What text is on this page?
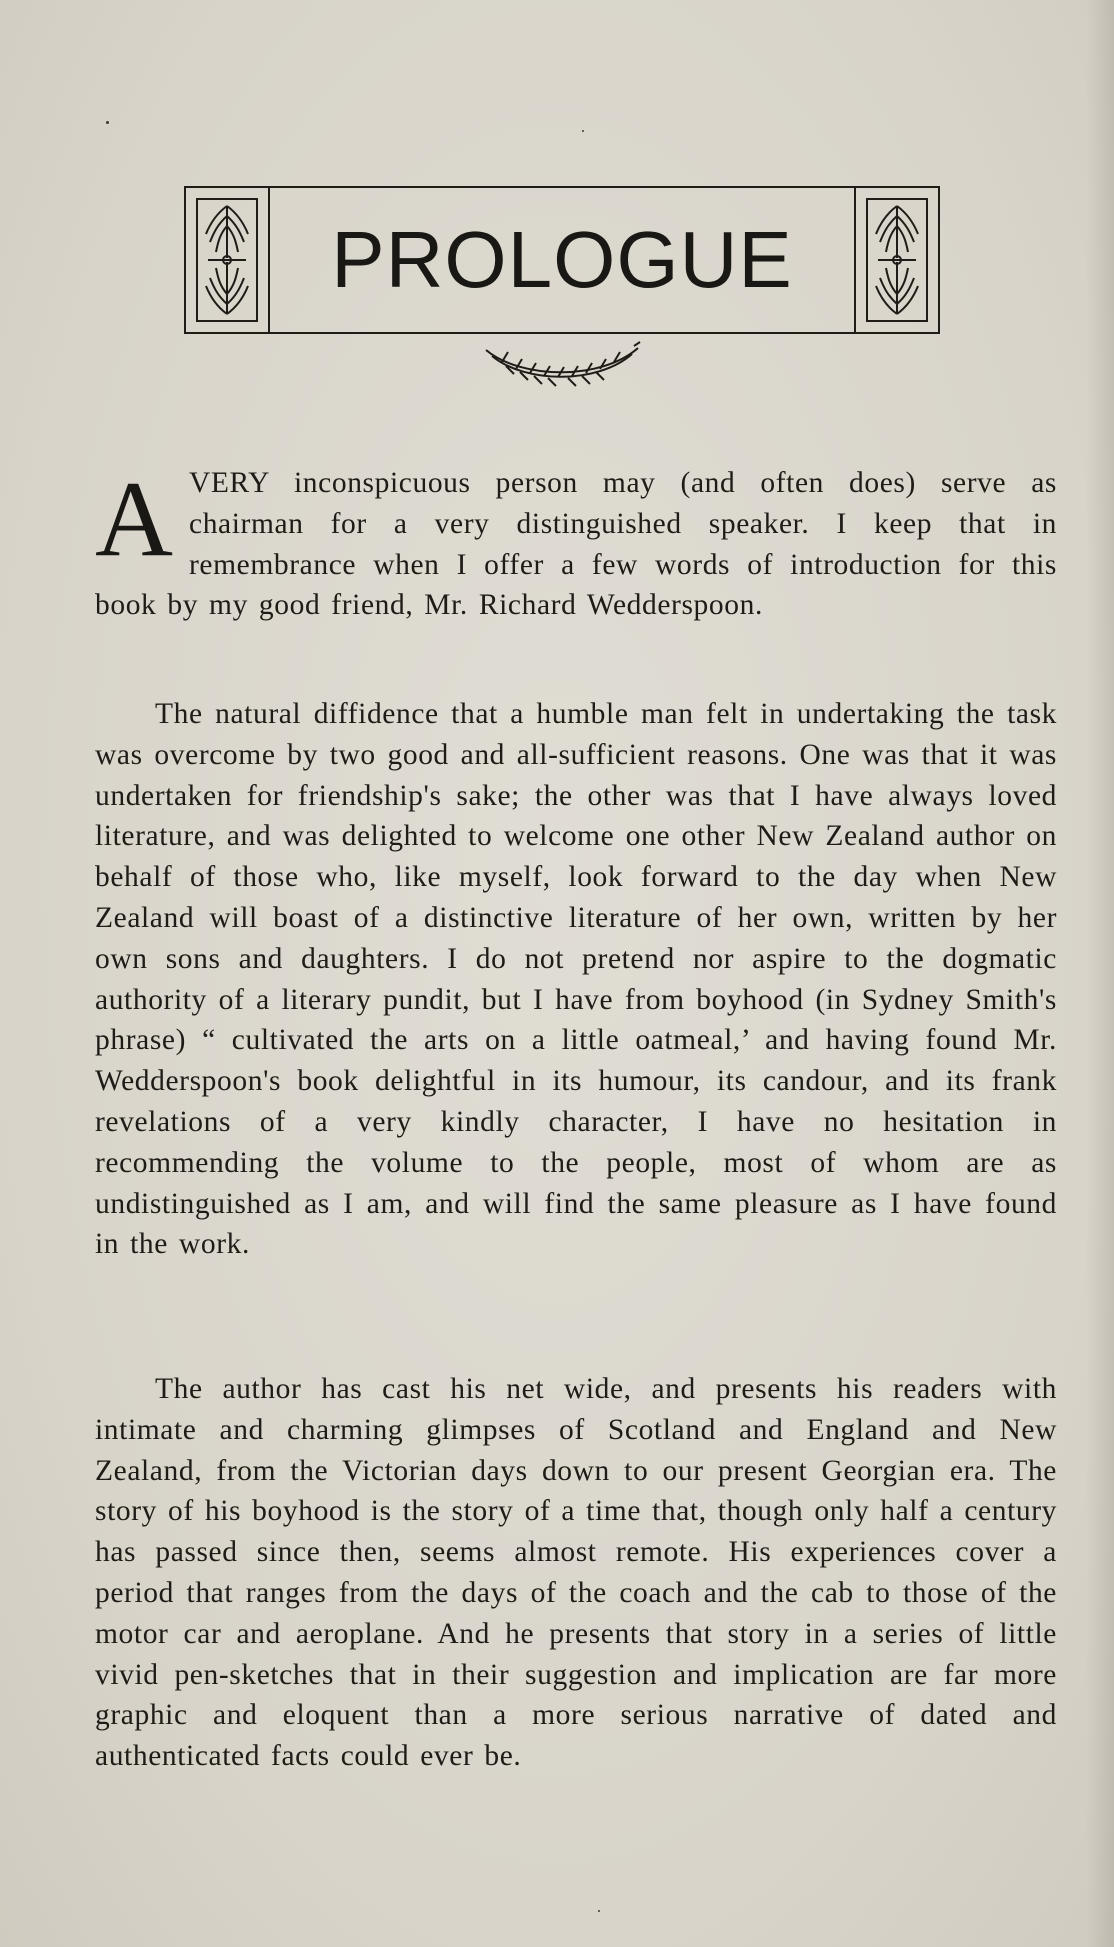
PROLOGUE

A VERY inconspicuous person may (and often does) serve as chairman for a very distinguished speaker. I keep that in remembrance when I offer a few words of introduction for this book by my good friend, Mr. Richard Wedderspoon.

The natural diffidence that a humble man felt in undertaking the task was overcome by two good and all-sufficient reasons. One was that it was undertaken for friendship's sake; the other was that I have always loved literature, and was delighted to welcome one other New Zealand author on behalf of those who, like myself, look forward to the day when New Zealand will boast of a distinctive literature of her own, written by her own sons and daughters. I do not pretend nor aspire to the dogmatic authority of a literary pundit, but I have from boyhood (in Sydney Smith's phrase) “ cultivated the arts on a little oatmeal,’ and having found Mr. Wedderspoon's book delightful in its humour, its candour, and its frank revelations of a very kindly character, I have no hesitation in recommending the volume to the people, most of whom are as undistinguished as I am, and will find the same pleasure as I have found in the work.

The author has cast his net wide, and presents his readers with intimate and charming glimpses of Scotland and England and New Zealand, from the Victorian days down to our present Georgian era. The story of his boyhood is the story of a time that, though only half a century has passed since then, seems almost remote. His experiences cover a period that ranges from the days of the coach and the cab to those of the motor car and aeroplane. And he presents that story in a series of little vivid pen-sketches that in their suggestion and implication are far more graphic and eloquent than a more serious narrative of dated and authenticated facts could ever be.
